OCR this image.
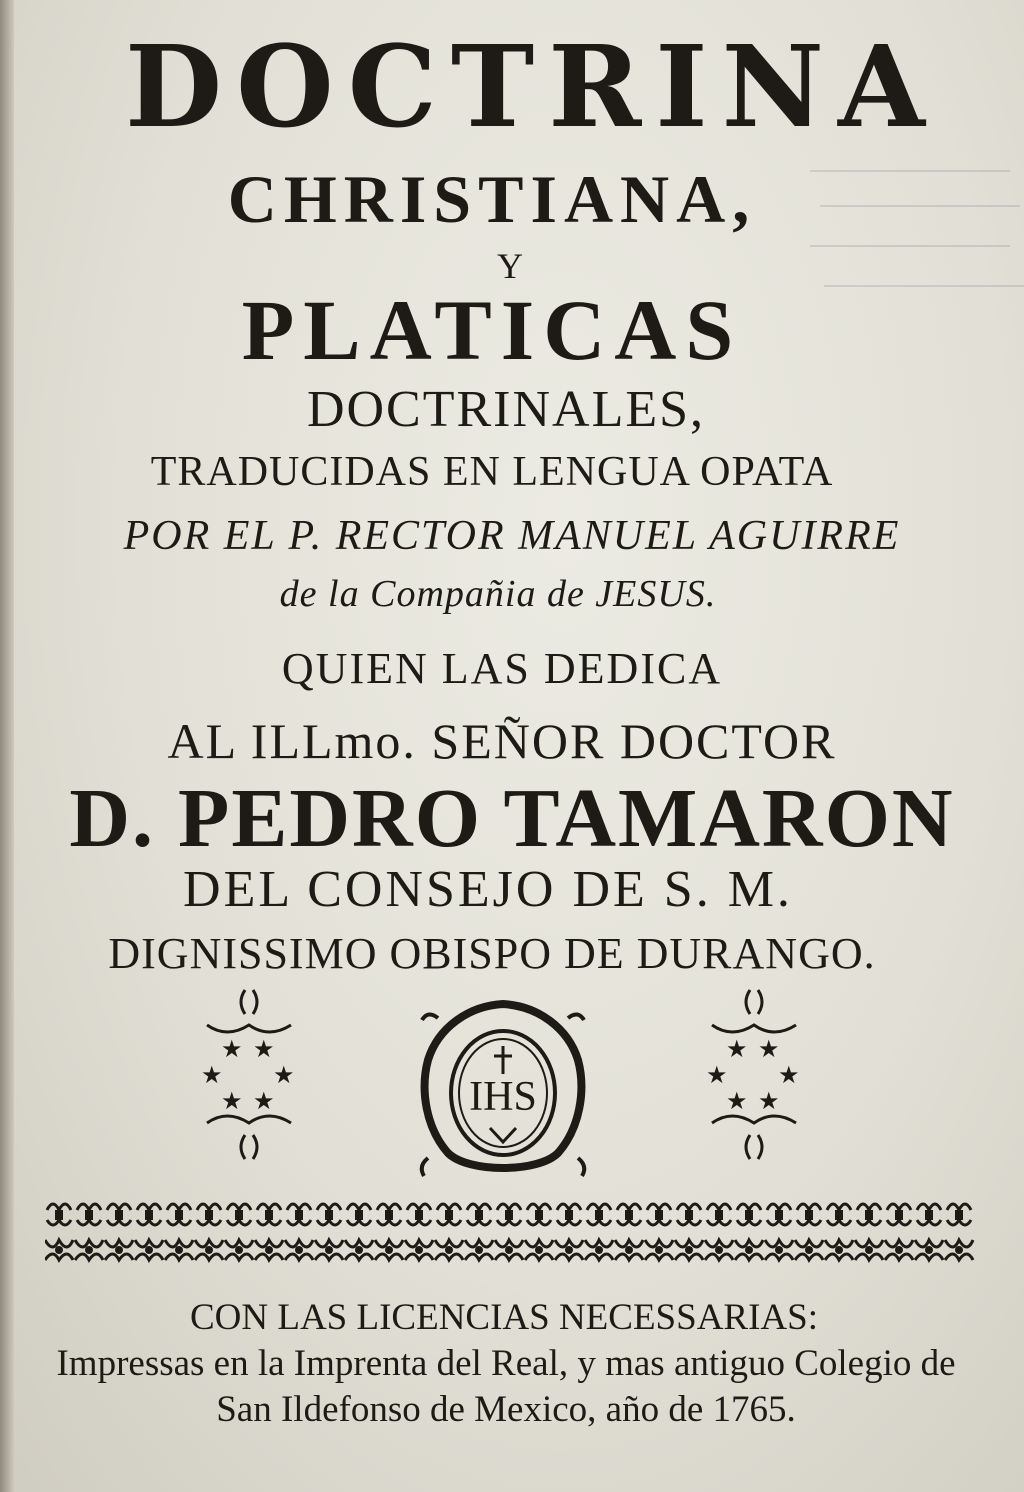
DOCTRINA
CHRISTIANA,
Y
PLATICAS
DOCTRINALES,
TRADUCIDAS EN LENGUA OPATA
POR EL P. RECTOR MANUEL AGUIRRE
de la Compañia de JESUS.
QUIEN LAS DEDICA
AL ILLmo. SEÑOR DOCTOR
D. PEDRO TAMARON
DEL CONSEJO DE S. M.
DIGNISSIMO OBISPO DE DURANGO.
★ ★
★ ★
★ ★	IHS
★ ★
★ ★
★ ★
CON LAS LICENCIAS NECESSARIAS:
Impressas en la Imprenta del Real, y mas antiguo Colegio de
San Ildefonso de Mexico, año de 1765.
